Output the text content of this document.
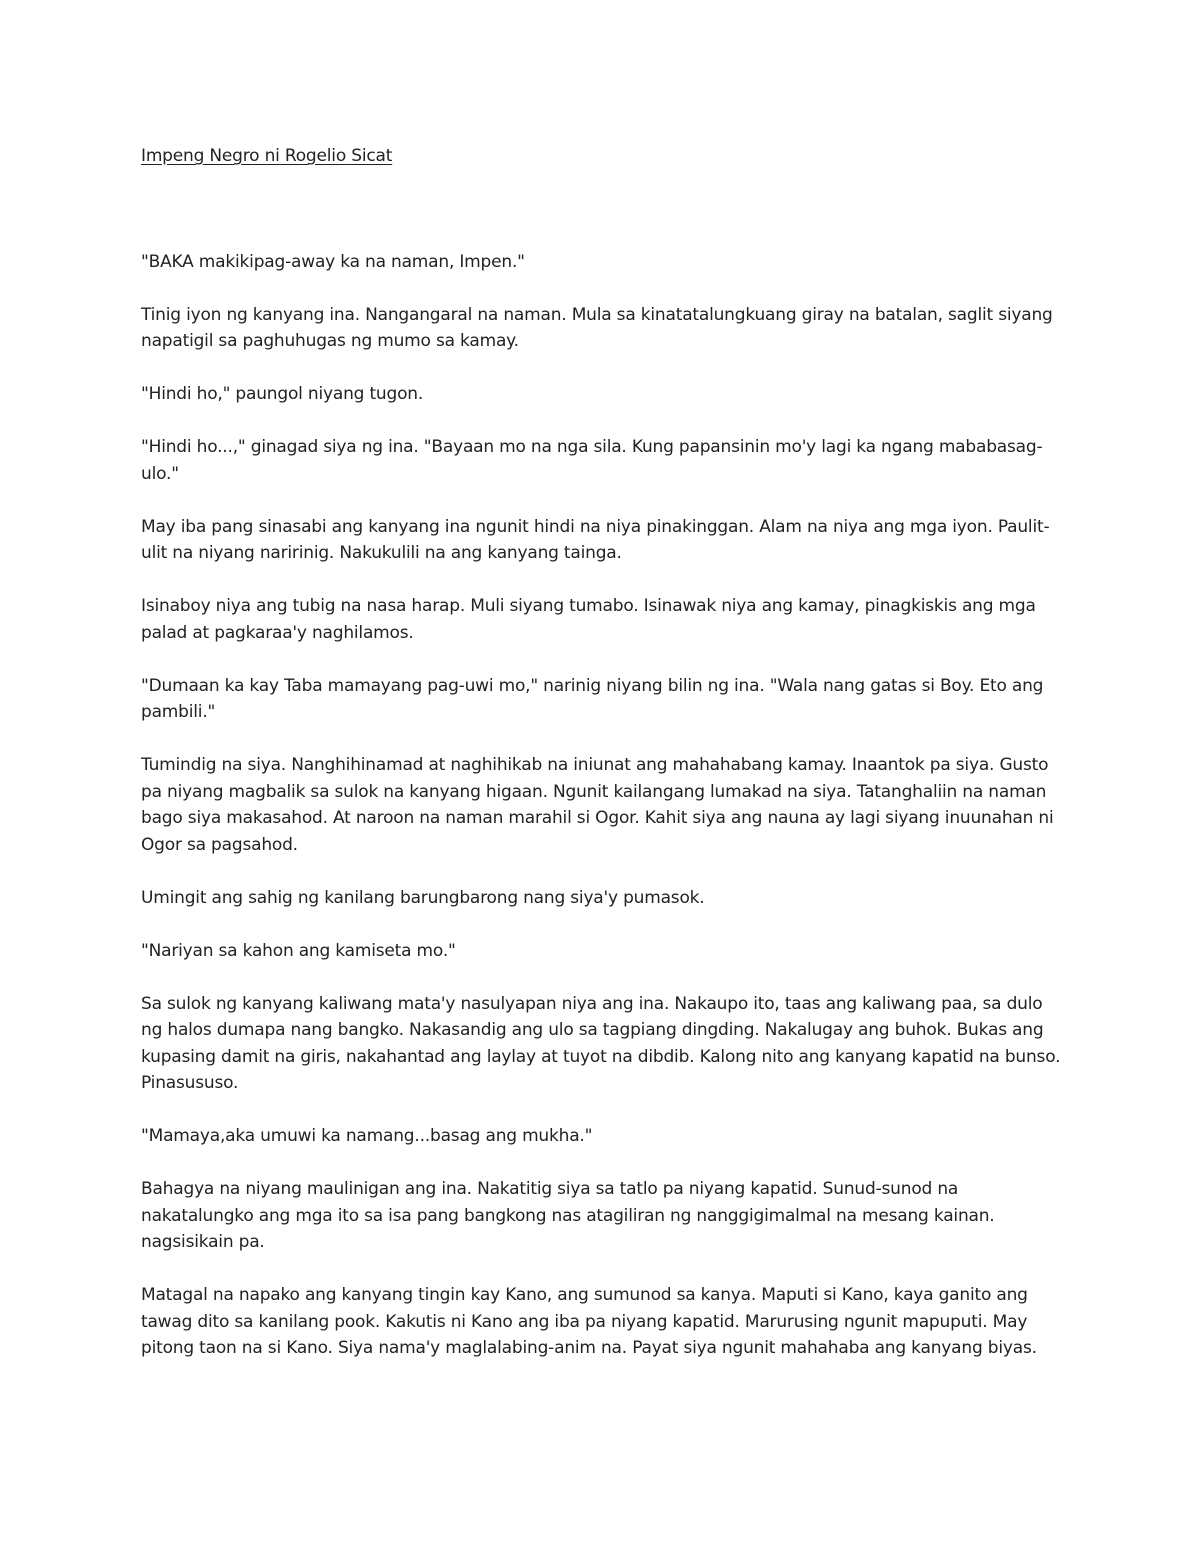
Impeng Negro ni Rogelio Sicat

"BAKA makikipag-away ka na naman, Impen."

Tinig iyon ng kanyang ina. Nangangaral na naman. Mula sa kinatatalungkuang giray na batalan, saglit siyang napatigil sa paghuhugas ng mumo sa kamay.

"Hindi ho," paungol niyang tugon.

"Hindi ho...," ginagad siya ng ina. "Bayaan mo na nga sila. Kung papansinin mo'y lagi ka ngang mababasag-ulo."

May iba pang sinasabi ang kanyang ina ngunit hindi na niya pinakinggan. Alam na niya ang mga iyon. Paulit-ulit na niyang naririnig. Nakukulili na ang kanyang tainga.

Isinaboy niya ang tubig na nasa harap. Muli siyang tumabo. Isinawak niya ang kamay, pinagkiskis ang mga palad at pagkaraa'y naghilamos.

"Dumaan ka kay Taba mamayang pag-uwi mo," narinig niyang bilin ng ina. "Wala nang gatas si Boy. Eto ang pambili."

Tumindig na siya. Nanghihinamad at naghihikab na iniunat ang mahahabang kamay. Inaantok pa siya. Gusto pa niyang magbalik sa sulok na kanyang higaan. Ngunit kailangang lumakad na siya. Tatanghaliin na naman bago siya makasahod. At naroon na naman marahil si Ogor. Kahit siya ang nauna ay lagi siyang inuunahan ni Ogor sa pagsahod.

Umingit ang sahig ng kanilang barungbarong nang siya'y pumasok.

"Nariyan sa kahon ang kamiseta mo."

Sa sulok ng kanyang kaliwang mata'y nasulyapan niya ang ina. Nakaupo ito, taas ang kaliwang paa, sa dulo ng halos dumapa nang bangko. Nakasandig ang ulo sa tagpiang dingding. Nakalugay ang buhok. Bukas ang kupasing damit na giris, nakahantad ang laylay at tuyot na dibdib. Kalong nito ang kanyang kapatid na bunso. Pinasususo.

"Mamaya,aka umuwi ka namang...basag ang mukha."

Bahagya na niyang maulinigan ang ina. Nakatitig siya sa tatlo pa niyang kapatid. Sunud-sunod na nakatalungko ang mga ito sa isa pang bangkong nas atagiliran ng nanggigimalmal na mesang kainan. nagsisikain pa.

Matagal na napako ang kanyang tingin kay Kano, ang sumunod sa kanya. Maputi si Kano, kaya ganito ang tawag dito sa kanilang pook. Kakutis ni Kano ang iba pa niyang kapatid. Marurusing ngunit mapuputi. May pitong taon na si Kano. Siya nama'y maglalabing-anim na. Payat siya ngunit mahahaba ang kanyang biyas.
